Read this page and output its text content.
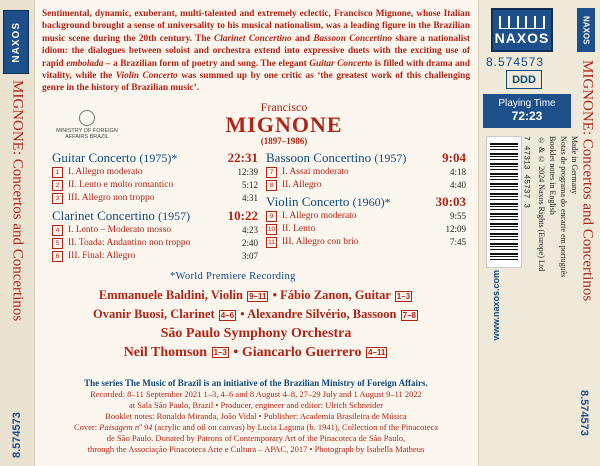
NAXOS
MIGNONE: Concertos and Concertinos
8.574573
NAXOS
8.574573
DDD
Playing Time
72:23
7 47313 45737 3 ℗ & © 2024 Naxos Rights (Europe) Ltd Booklet notes in English Notas de programa do encarte em português Made in Germany
www.naxos.com
NAXOS
MIGNONE: Concertos and Concertinos
8.574573
Sentimental, dynamic, exuberant, multi-talented and extremely eclectic, Francisco Mignone, whose Italian background brought a sense of universality to his musical nationalism, was a leading figure in the Brazilian music scene during the 20th century. The Clarinet Concertino and Bassoon Concertino share a nationalist idiom: the dialogues between soloist and orchestra extend into expressive duets with the exciting use of rapid embolada – a Brazilian form of poetry and song. The elegant Guitar Concerto is filled with drama and vitality, while the Violin Concerto was summed up by one critic as ‘the greatest work of this challenging genre in the history of Brazilian music’.
MINISTRY OF FOREIGN AFFAIRS BRAZIL
Francisco
MIGNONE
(1897–1986)
Guitar Concerto (1975)*	22:31
1 I. Allegro moderato	12:39
2 II. Lento e molto romantico	5:12
3 III. Allegro non troppo	4:31
Clarinet Concertino (1957)	10:22
4 I. Lento – Moderato mosso	4:23
5 II. Toada: Andantino non troppo	2:40
6 III. Final: Allegro	3:07
Bassoon Concertino (1957)	9:04
7 I. Assai moderato	4:18
8 II. Allegro	4:40
Violin Concerto (1960)*	30:03
9 I. Allegro moderato	9:55
10 II. Lento	12:09
11 III. Allegro con brio	7:45
*World Premiere Recording
Emmanuele Baldini, Violin 9–11 • Fábio Zanon, Guitar 1–3
Ovanir Buosi, Clarinet 4–6 • Alexandre Silvério, Bassoon 7–8
São Paulo Symphony Orchestra
Neil Thomson 1–3 • Giancarlo Guerrero 4–11
The series The Music of Brazil is an initiative of the Brazilian Ministry of Foreign Affairs.
Recorded: 8–11 September 2021 1–3, 4–6 and 8 August 4–8, 27–29 July and 1 August 9–11 2022
at Sala São Paulo, Brazil • Producer, engineer and editor: Ulrich Schneider
Booklet notes: Ronaldo Miranda, João Vidal • Publisher: Academia Brasileira de Música
Cover: Paisagem nº 94 (acrylic and oil on canvas) by Lucia Laguna (b. 1941), Collection of the Pinacoteca
de São Paulo. Donated by Patrons of Contemporary Art of the Pinacoteca de São Paulo,
through the Associação Pinacoteca Arte e Cultura – APAC, 2017 • Photograph by Isabella Matheus
